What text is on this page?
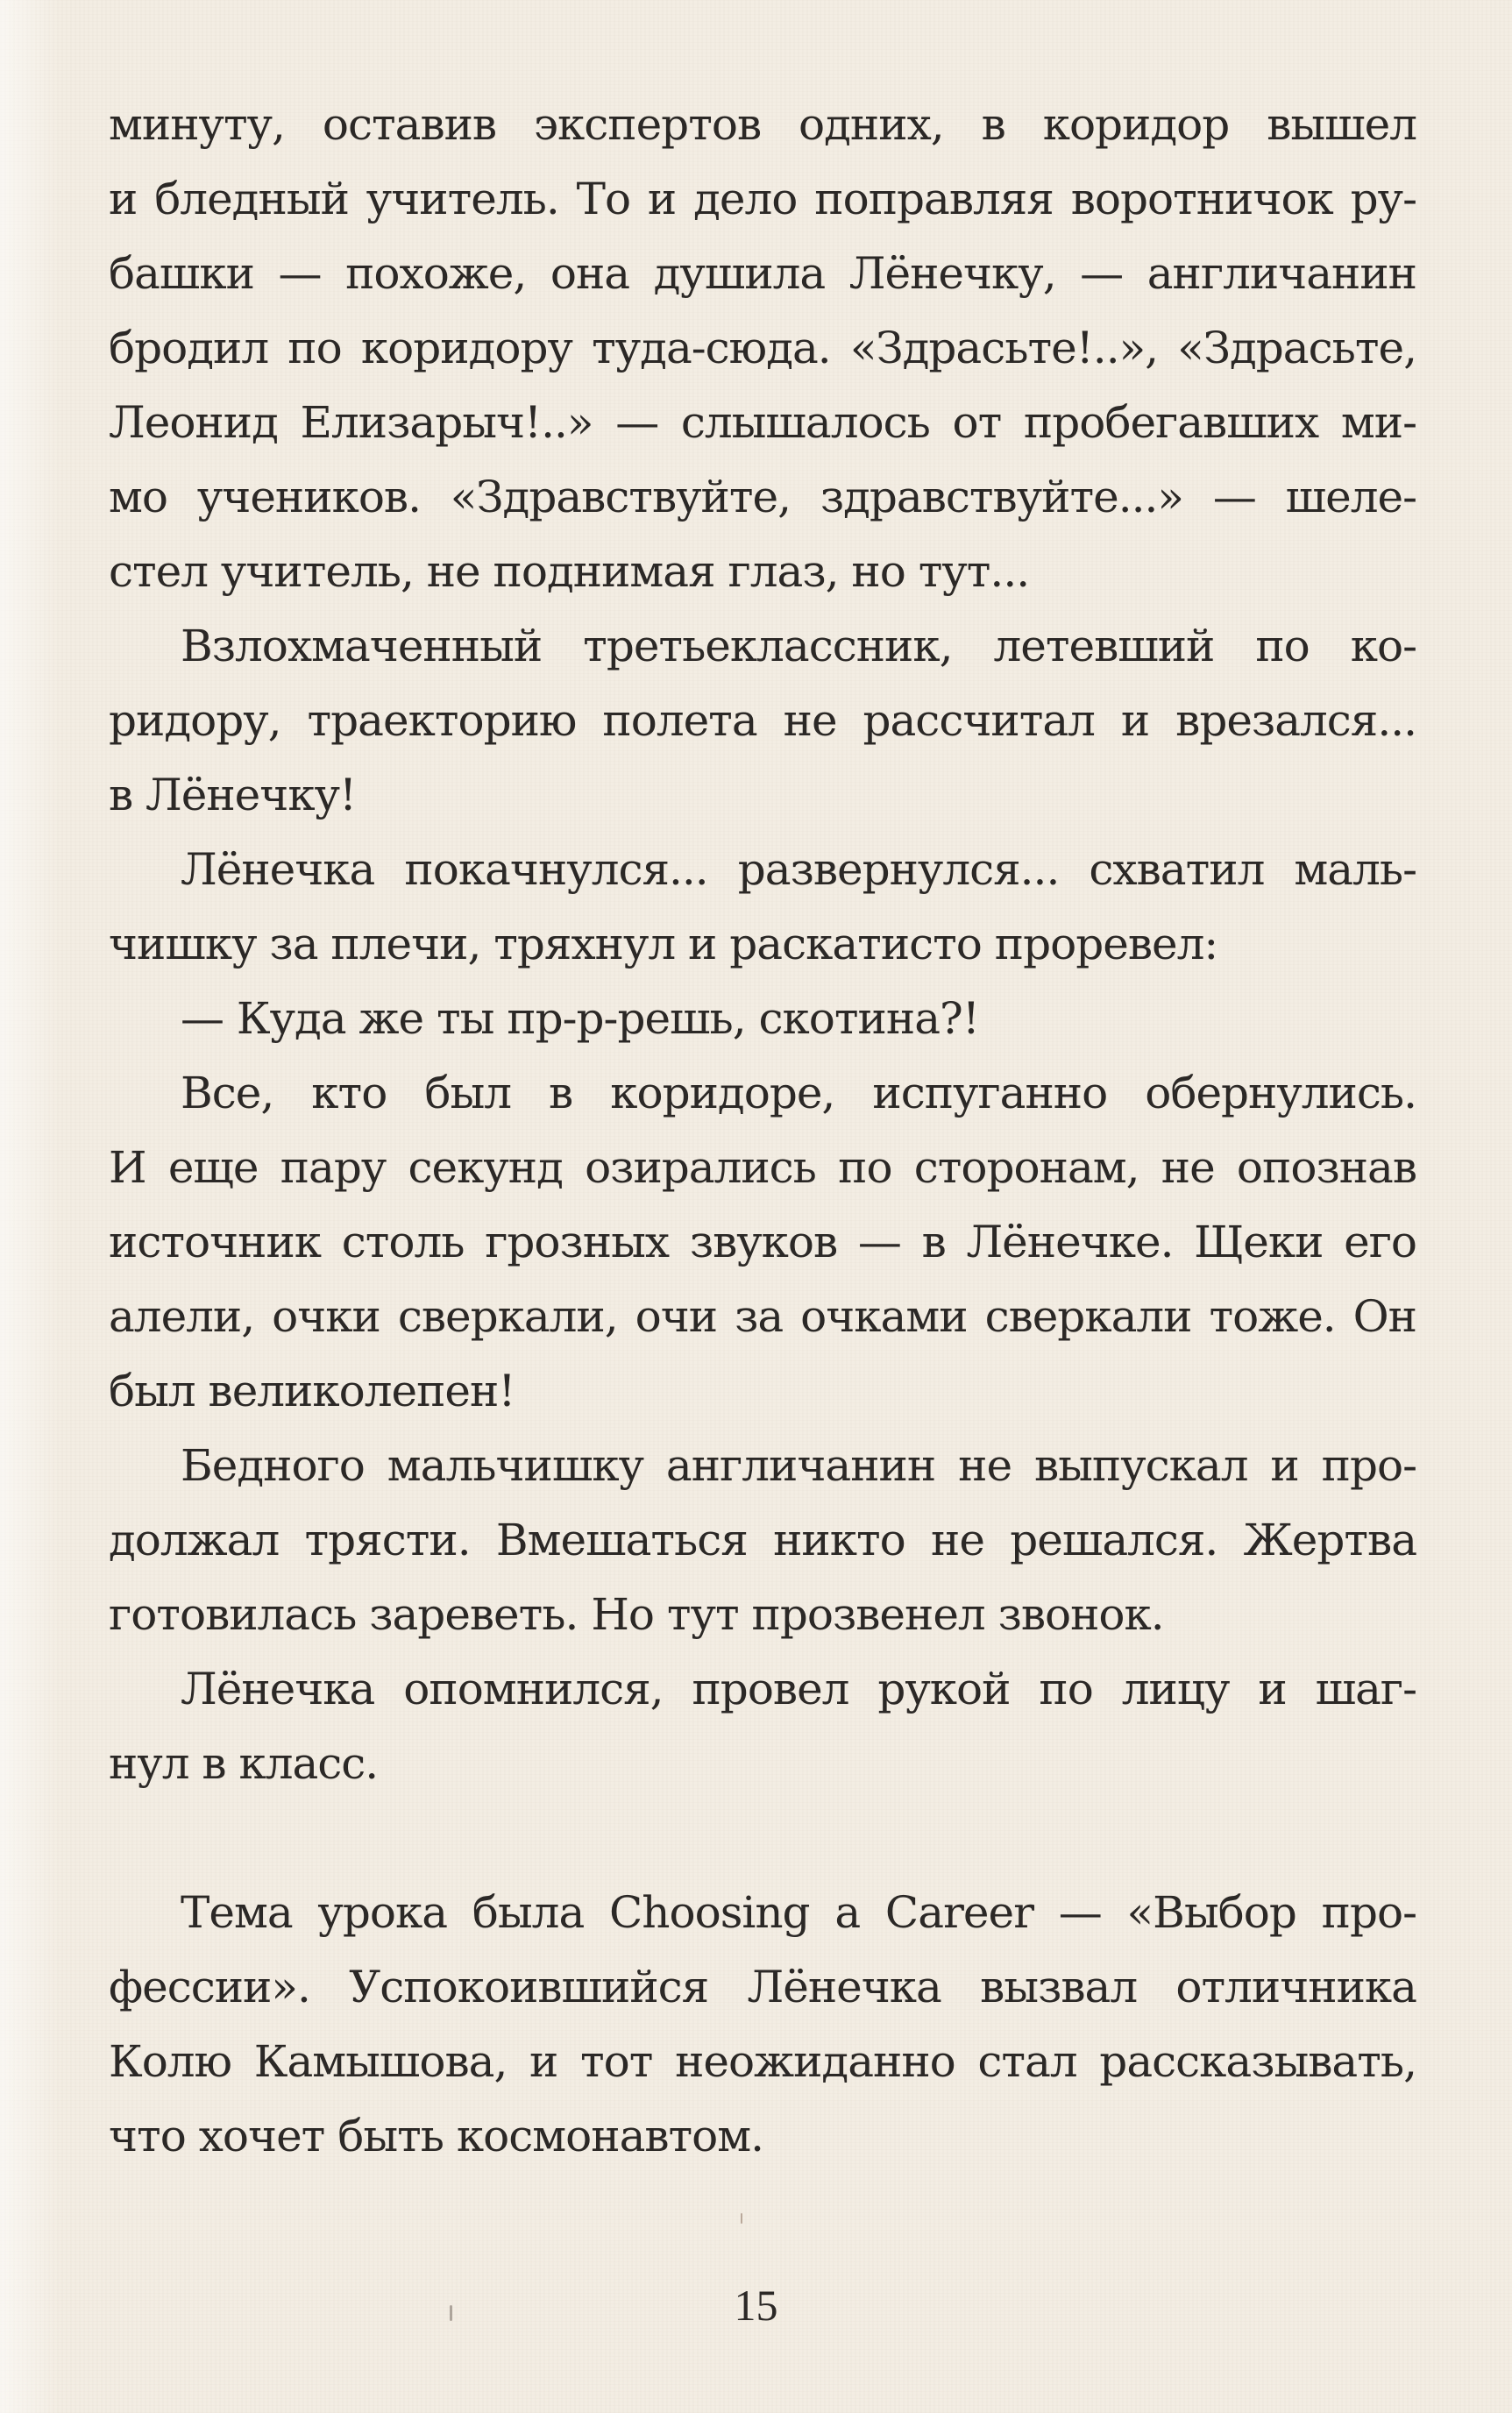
минуту, оставив экспертов одних, в коридор вышел
и бледный учитель. То и дело поправляя воротничок ру-
башки — похоже, она душила Лёнечку, — англичанин
бродил по коридору туда-сюда. «Здрасьте!..», «Здрасьте,
Леонид Елизарыч!..» — слышалось от пробегавших ми-
мо учеников. «Здравствуйте, здравствуйте...» — шеле-
стел учитель, не поднимая глаз, но тут...
Взлохмаченный третьеклассник, летевший по ко-
ридору, траекторию полета не рассчитал и врезался...
в Лёнечку!
Лёнечка покачнулся... развернулся... схватил маль-
чишку за плечи, тряхнул и раскатисто проревел:
— Куда же ты пр-р-решь, скотина?!
Все, кто был в коридоре, испуганно обернулись.
И еще пару секунд озирались по сторонам, не опознав
источник столь грозных звуков — в Лёнечке. Щеки его
алели, очки сверкали, очи за очками сверкали тоже. Он
был великолепен!
Бедного мальчишку англичанин не выпускал и про-
должал трясти. Вмешаться никто не решался. Жертва
готовилась зареветь. Но тут прозвенел звонок.
Лёнечка опомнился, провел рукой по лицу и шаг-
нул в класс.
Тема урока была Choosing a Career — «Выбор про-
фессии». Успокоившийся Лёнечка вызвал отличника
Колю Камышова, и тот неожиданно стал рассказывать,
что хочет быть космонавтом.
15
